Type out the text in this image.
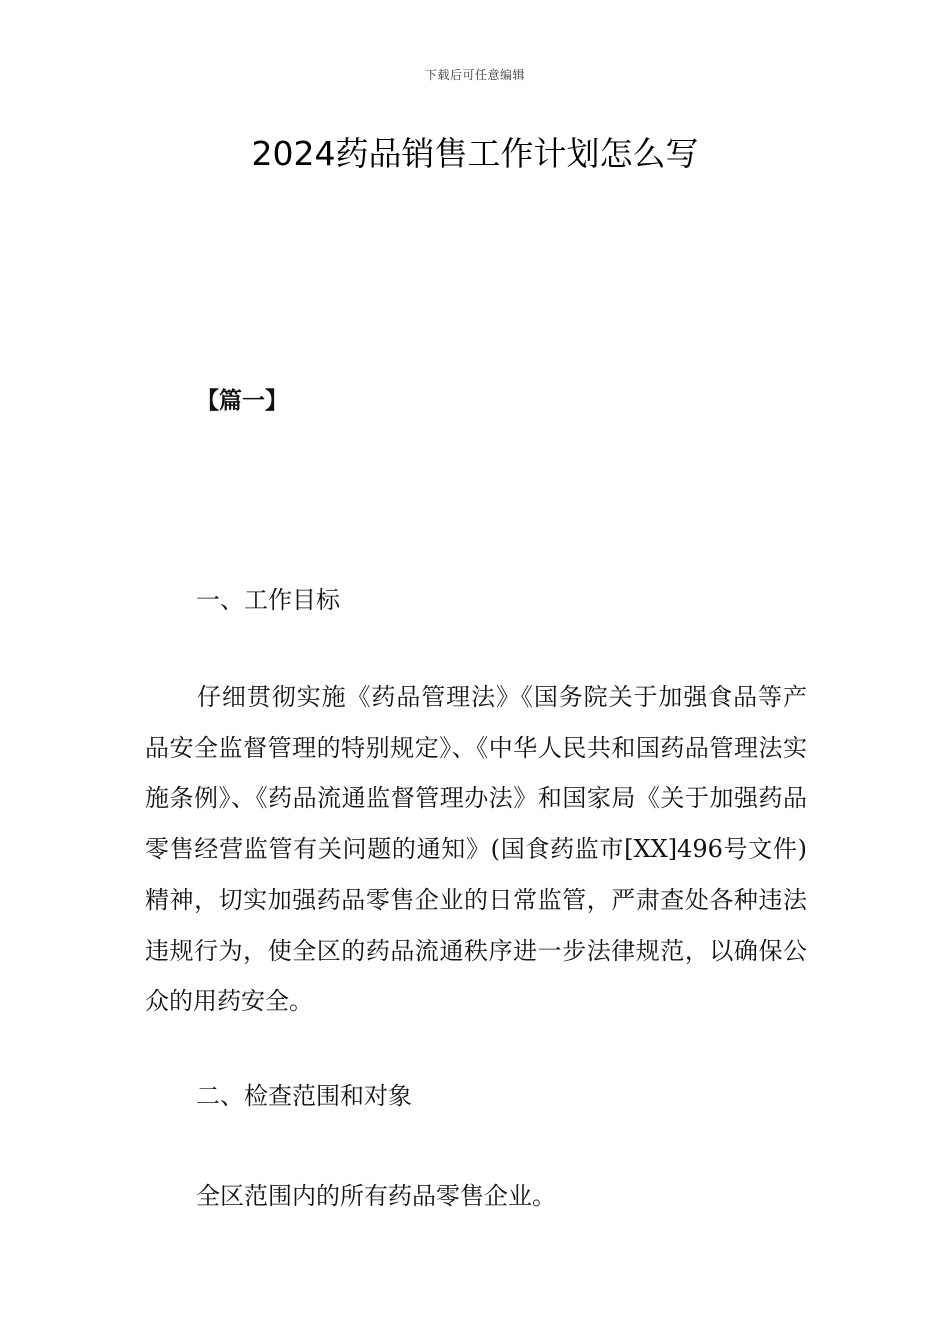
下载后可任意编辑
2024药品销售工作计划怎么写

【篇一】

一、工作目标

仔细贯彻实施《药品管理法》《国务院关于加强食品等产品安全监督管理的特别规定》、《中华人民共和国药品管理法实施条例》、《药品流通监督管理办法》和国家局《关于加强药品零售经营监管有关问题的通知》(国食药监市[XX]496号文件)精神，切实加强药品零售企业的日常监管，严肃查处各种违法违规行为，使全区的药品流通秩序进一步法律规范，以确保公众的用药安全。

二、检查范围和对象

全区范围内的所有药品零售企业。
